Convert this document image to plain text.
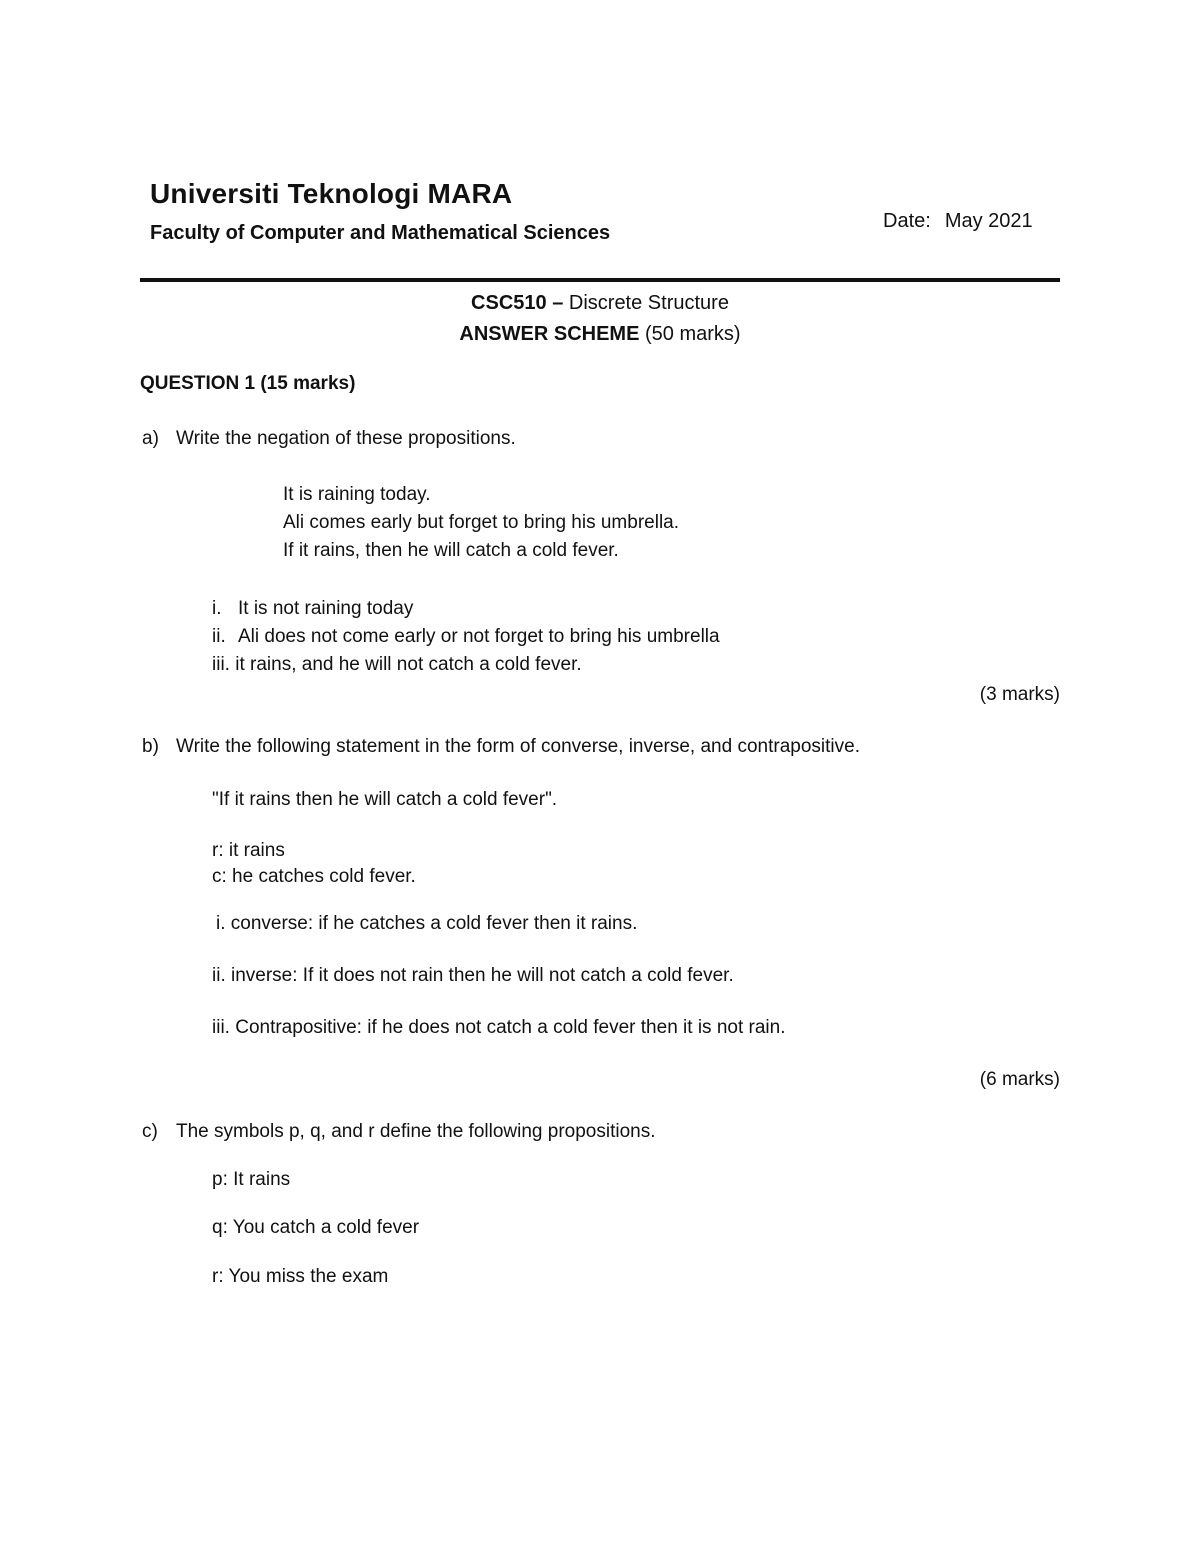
Universiti Teknologi MARA
Faculty of Computer and Mathematical Sciences
Date: May 2021
CSC510 – Discrete Structure
ANSWER SCHEME (50 marks)
QUESTION 1 (15 marks)
a) Write the negation of these propositions.
It is raining today.
Ali comes early but forget to bring his umbrella.
If it rains, then he will catch a cold fever.
i. It is not raining today
ii. Ali does not come early or not forget to bring his umbrella
iii. it rains, and he will not catch a cold fever.
(3 marks)
b) Write the following statement in the form of converse, inverse, and contrapositive.
"If it rains then he will catch a cold fever".
r: it rains
c: he catches cold fever.
i. converse: if he catches a cold fever then it rains.
ii. inverse: If it does not rain then he will not catch a cold fever.
iii. Contrapositive: if he does not catch a cold fever then it is not rain.
(6 marks)
c) The symbols p, q, and r define the following propositions.
p: It rains
q: You catch a cold fever
r: You miss the exam
